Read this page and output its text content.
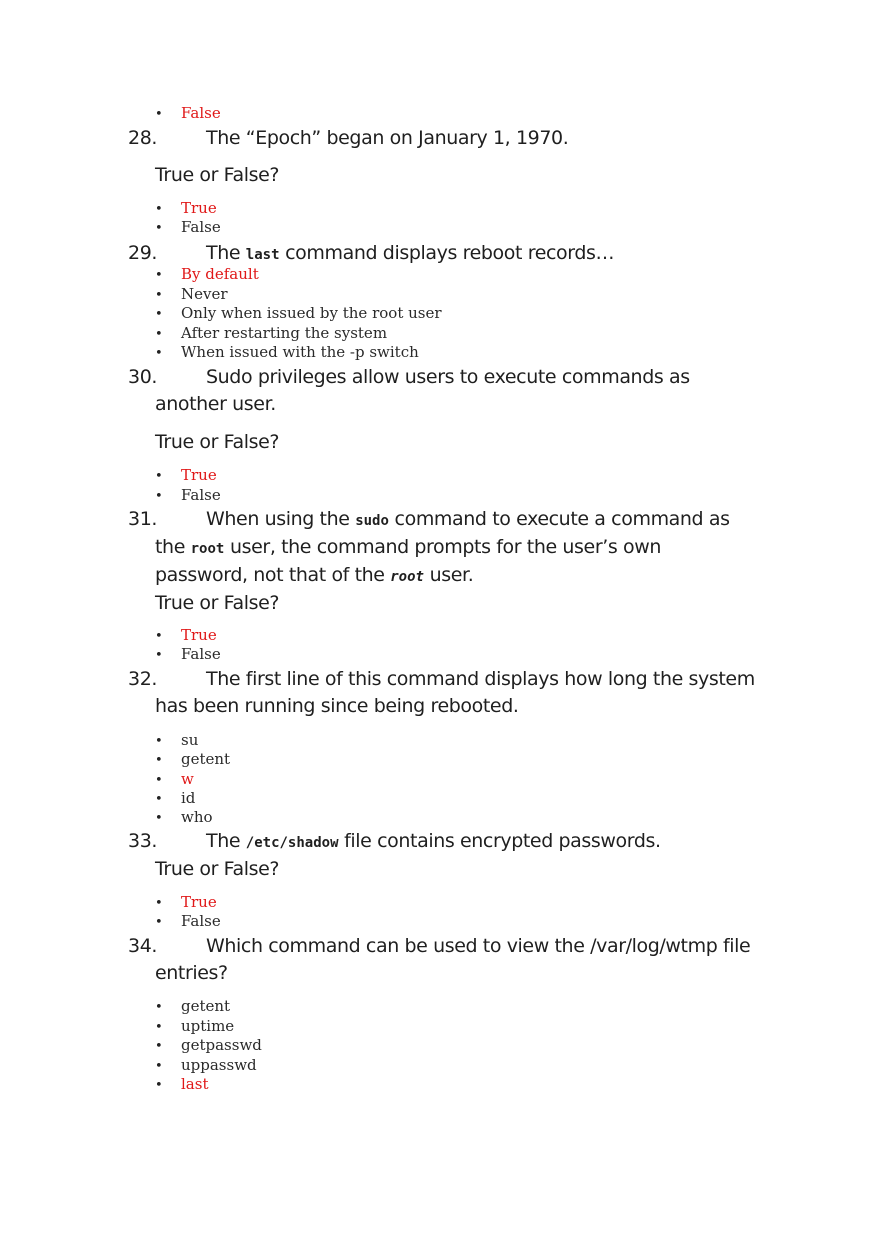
• False
28.	The “Epoch” began on January 1, 1970.
True or False?
• True
• False
29.	The last command displays reboot records…
• By default
• Never
• Only when issued by the root user
• After restarting the system
• When issued with the -p switch
30.	Sudo privileges allow users to execute commands as
another user.
True or False?
• True
• False
31.	When using the sudo command to execute a command as
the root user, the command prompts for the user’s own
password, not that of the root user.
True or False?
• True
• False
32.	The first line of this command displays how long the system
has been running since being rebooted.
• su
• getent
• w
• id
• who
33.	The /etc/shadow file contains encrypted passwords.
True or False?
• True
• False
34.	Which command can be used to view the /var/log/wtmp file
entries?
• getent
• uptime
• getpasswd
• uppasswd
• last
